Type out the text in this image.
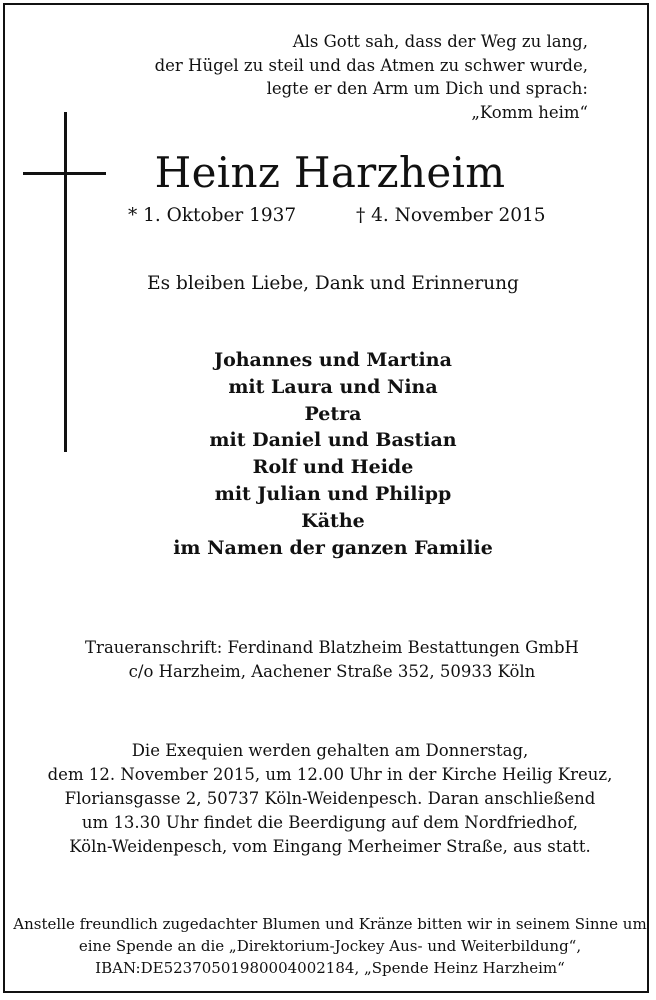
Als Gott sah, dass der Weg zu lang,
der Hügel zu steil und das Atmen zu schwer wurde,
legte er den Arm um Dich und sprach:
„Komm heim“
Heinz Harzheim
* 1. Oktober 1937	† 4. November 2015
Es bleiben Liebe, Dank und Erinnerung
Johannes und Martina
mit Laura und Nina
Petra
mit Daniel und Bastian
Rolf und Heide
mit Julian und Philipp
Käthe
im Namen der ganzen Familie
Traueranschrift: Ferdinand Blatzheim Bestattungen GmbH
c/o Harzheim, Aachener Straße 352, 50933 Köln
Die Exequien werden gehalten am Donnerstag,
dem 12. November 2015, um 12.00 Uhr in der Kirche Heilig Kreuz,
Floriansgasse 2, 50737 Köln-Weidenpesch. Daran anschließend
um 13.30 Uhr findet die Beerdigung auf dem Nordfriedhof,
Köln-Weidenpesch, vom Eingang Merheimer Straße, aus statt.
Anstelle freundlich zugedachter Blumen und Kränze bitten wir in seinem Sinne um
eine Spende an die „Direktorium-Jockey Aus- und Weiterbildung“,
IBAN:DE52370501980004002184, „Spende Heinz Harzheim“
